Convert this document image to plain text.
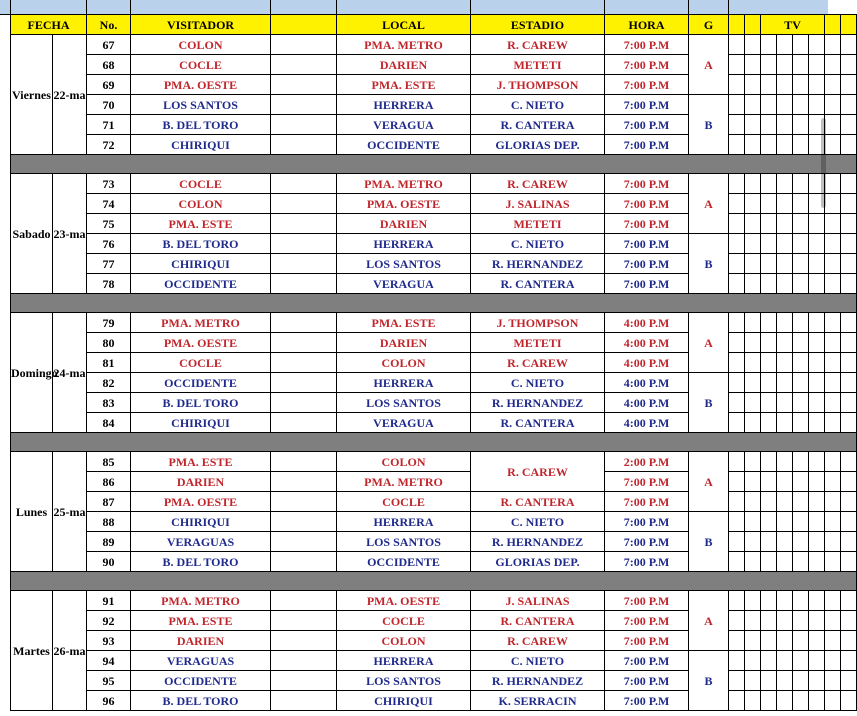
FECHA		No.	VISITADOR		LOCAL	ESTADIO	HORA	G			TV					
Viernes	22-ma	67	COLON		PMA. METRO	R. CAREW	7:00 P.M	A								
		68	COCLE		DARIEN	METETI	7:00 P.M									
		69	PMA. OESTE		PMA. ESTE	J. THOMPSON	7:00 P.M									
		70	LOS SANTOS		HERRERA	C. NIETO	7:00 P.M	B								
		71	B. DEL TORO		VERAGUA	R. CANTERA	7:00 P.M									
		72	CHIRIQUI		OCCIDENTE	GLORIAS DEP.	7:00 P.M									

Sabado	23-ma	73	COCLE		PMA. METRO	R. CAREW	7:00 P.M	A								
		74	COLON		PMA. OESTE	J. SALINAS	7:00 P.M									
		75	PMA. ESTE		DARIEN	METETI	7:00 P.M									
		76	B. DEL TORO		HERRERA	C. NIETO	7:00 P.M	B								
		77	CHIRIQUI		LOS SANTOS	R. HERNANDEZ	7:00 P.M									
		78	OCCIDENTE		VERAGUA	R. CANTERA	7:00 P.M									

Domingo	24-ma	79	PMA. METRO		PMA. ESTE	J. THOMPSON	4:00 P.M	A								
		80	PMA. OESTE		DARIEN	METETI	4:00 P.M									
		81	COCLE		COLON	R. CAREW	4:00 P.M									
		82	OCCIDENTE		HERRERA	C. NIETO	4:00 P.M	B								
		83	B. DEL TORO		LOS SANTOS	R. HERNANDEZ	4:00 P.M									
		84	CHIRIQUI		VERAGUA	R. CANTERA	4:00 P.M									

Lunes	25-ma	85	PMA. ESTE		COLON	R. CAREW	2:00 P.M	A								
		86	DARIEN		PMA. METRO		7:00 P.M									
		87	PMA. OESTE		COCLE	R. CANTERA	7:00 P.M									
		88	CHIRIQUI		HERRERA	C. NIETO	7:00 P.M	B								
		89	VERAGUAS		LOS SANTOS	R. HERNANDEZ	7:00 P.M									
		90	B. DEL TORO		OCCIDENTE	GLORIAS DEP.	7:00 P.M									

Martes	26-ma	91	PMA. METRO		PMA. OESTE	J. SALINAS	7:00 P.M	A								
		92	PMA. ESTE		COCLE	R. CANTERA	7:00 P.M									
		93	DARIEN		COLON	R. CAREW	7:00 P.M									
		94	VERAGUAS		HERRERA	C. NIETO	7:00 P.M	B								
		95	OCCIDENTE		LOS SANTOS	R. HERNANDEZ	7:00 P.M									
		96	B. DEL TORO		CHIRIQUI	K. SERRACIN	7:00 P.M									
